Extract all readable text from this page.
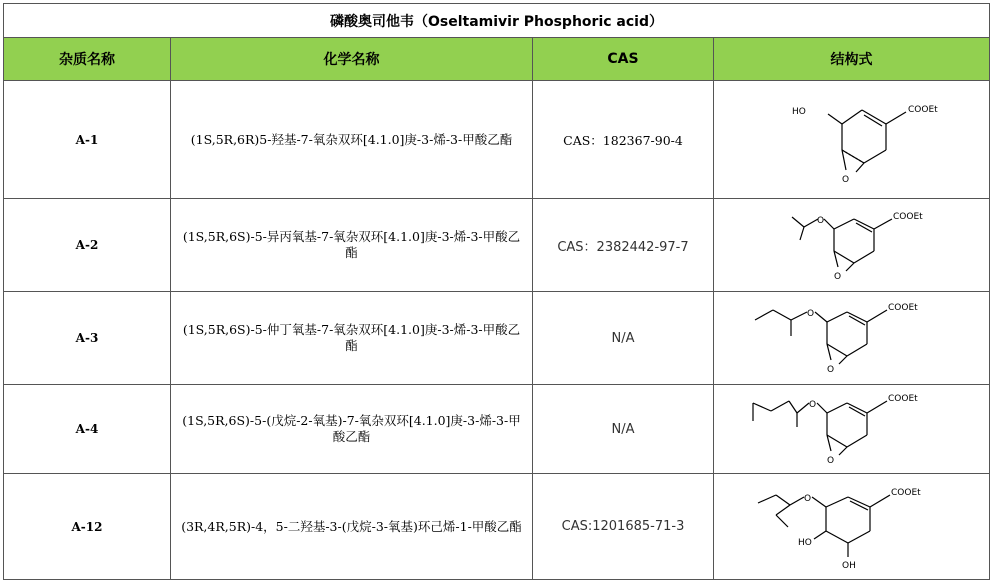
磷酸奥司他韦（Oseltamivir Phosphoric acid）			
杂质名称	化学名称	CAS	结构式
A-1	(1S,5R,6R)5-羟基-7-氧杂双环[4.1.0]庚-3-烯-3-甲酸乙酯	CAS：182367-90-4	HO COOEt
O

A-2	(1S,5R,6S)-5-异丙氧基-7-氧杂双环[4.1.0]庚-3-烯-3-甲酸乙酯	CAS：2382442-97-7	O COOEt
O

A-3	(1S,5R,6S)-5-仲丁氧基-7-氧杂双环[4.1.0]庚-3-烯-3-甲酸乙酯	N/A	O
COOEt
O

A-4	(1S,5R,6S)-5-(戊烷-2-氧基)-7-氧杂双环[4.1.0]庚-3-烯-3-甲酸乙酯	N/A	O
COOEt
O

A-12	(3R,4R,5R)-4，5-二羟基-3-(戊烷-3-氧基)环己烯-1-甲酸乙酯	CAS:1201685-71-3	O
COOEt
HO
OH
